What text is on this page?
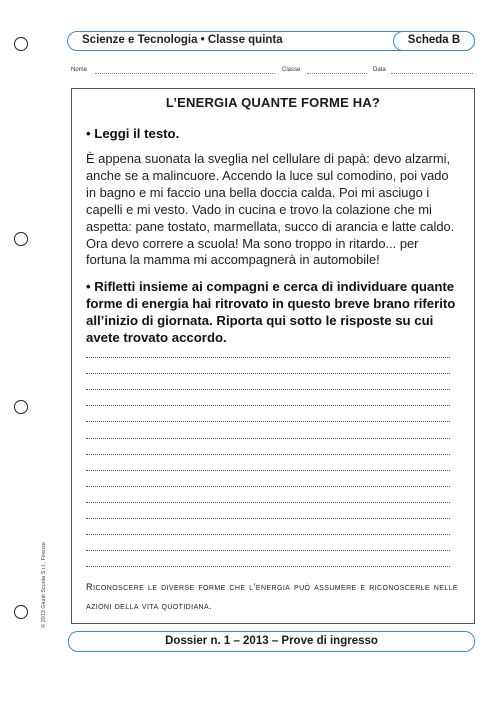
Scienze e Tecnologia • Classe quinta	Scheda B
Nome	Classe	Data
L’ENERGIA QUANTE FORME HA?
• Leggi il testo.
È appena suonata la sveglia nel cellulare di papà: devo alzarmi, anche se a malincuore. Accendo la luce sul comodino, poi vado in bagno e mi faccio una bella doccia calda. Poi mi asciugo i capelli e mi vesto. Vado in cucina e trovo la colazione che mi aspetta: pane tostato, marmellata, succo di arancia e latte caldo. Ora devo correre a scuola! Ma sono troppo in ritardo... per fortuna la mamma mi accompagnerà in automobile!
• Rifletti insieme ai compagni e cerca di individuare quante forme di energia hai ritrovato in questo breve brano riferito all’inizio di giornata. Riporta qui sotto le risposte su cui avete trovato accordo.
Riconoscere le diverse forme che l’energia può assumere e riconoscerle nelle azioni della vita quotidiana.
© 2013 Giunti Scuola S.r.l., Firenze
Dossier n. 1 – 2013 – Prove di ingresso
